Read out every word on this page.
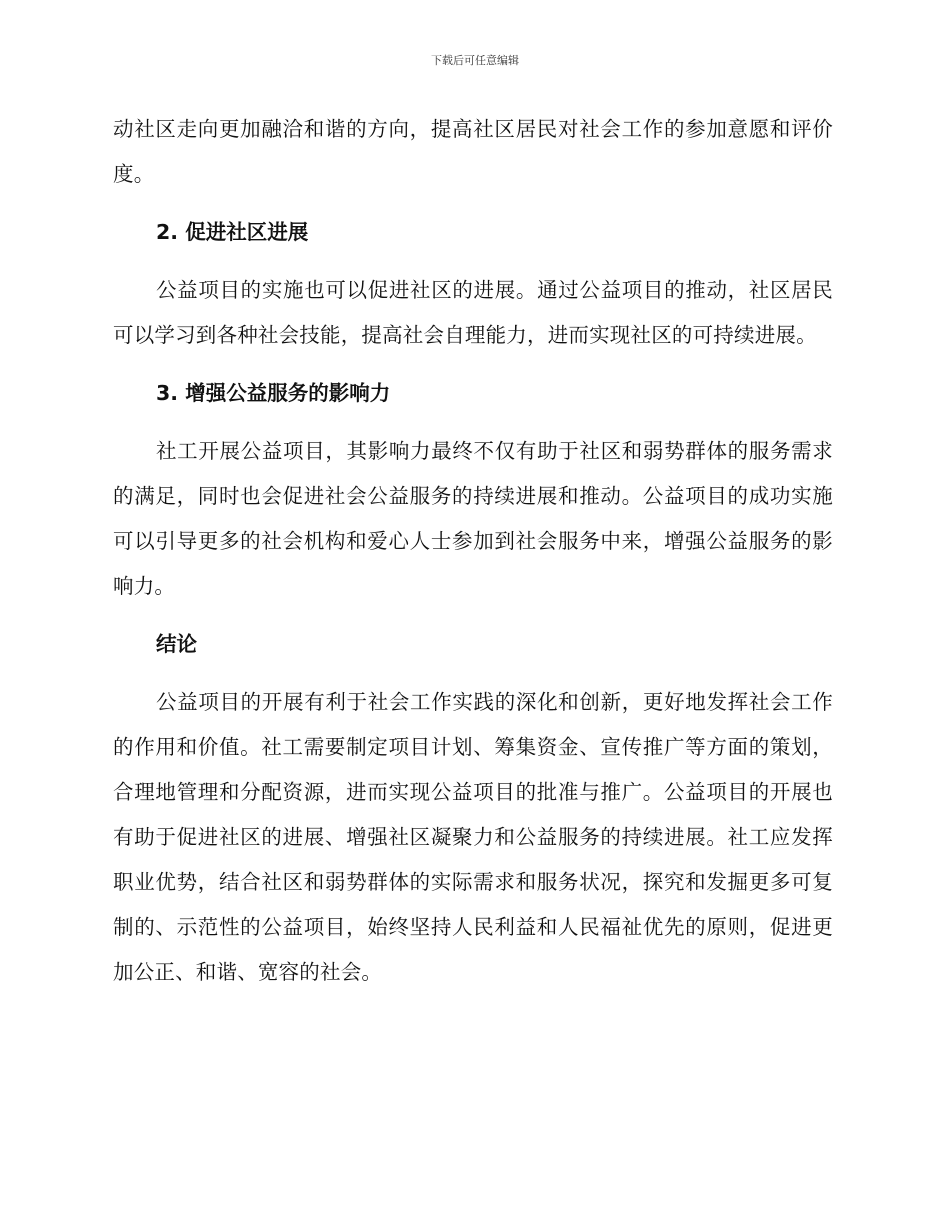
下载后可任意编辑

动社区走向更加融洽和谐的方向，提高社区居民对社会工作的参加意愿和评价度。

2. 促进社区进展

公益项目的实施也可以促进社区的进展。通过公益项目的推动，社区居民可以学习到各种社会技能，提高社会自理能力，进而实现社区的可持续进展。

3. 增强公益服务的影响力

社工开展公益项目，其影响力最终不仅有助于社区和弱势群体的服务需求的满足，同时也会促进社会公益服务的持续进展和推动。公益项目的成功实施可以引导更多的社会机构和爱心人士参加到社会服务中来，增强公益服务的影响力。

结论

公益项目的开展有利于社会工作实践的深化和创新，更好地发挥社会工作的作用和价值。社工需要制定项目计划、筹集资金、宣传推广等方面的策划，合理地管理和分配资源，进而实现公益项目的批准与推广。公益项目的开展也有助于促进社区的进展、增强社区凝聚力和公益服务的持续进展。社工应发挥职业优势，结合社区和弱势群体的实际需求和服务状况，探究和发掘更多可复制的、示范性的公益项目，始终坚持人民利益和人民福祉优先的原则，促进更加公正、和谐、宽容的社会。
